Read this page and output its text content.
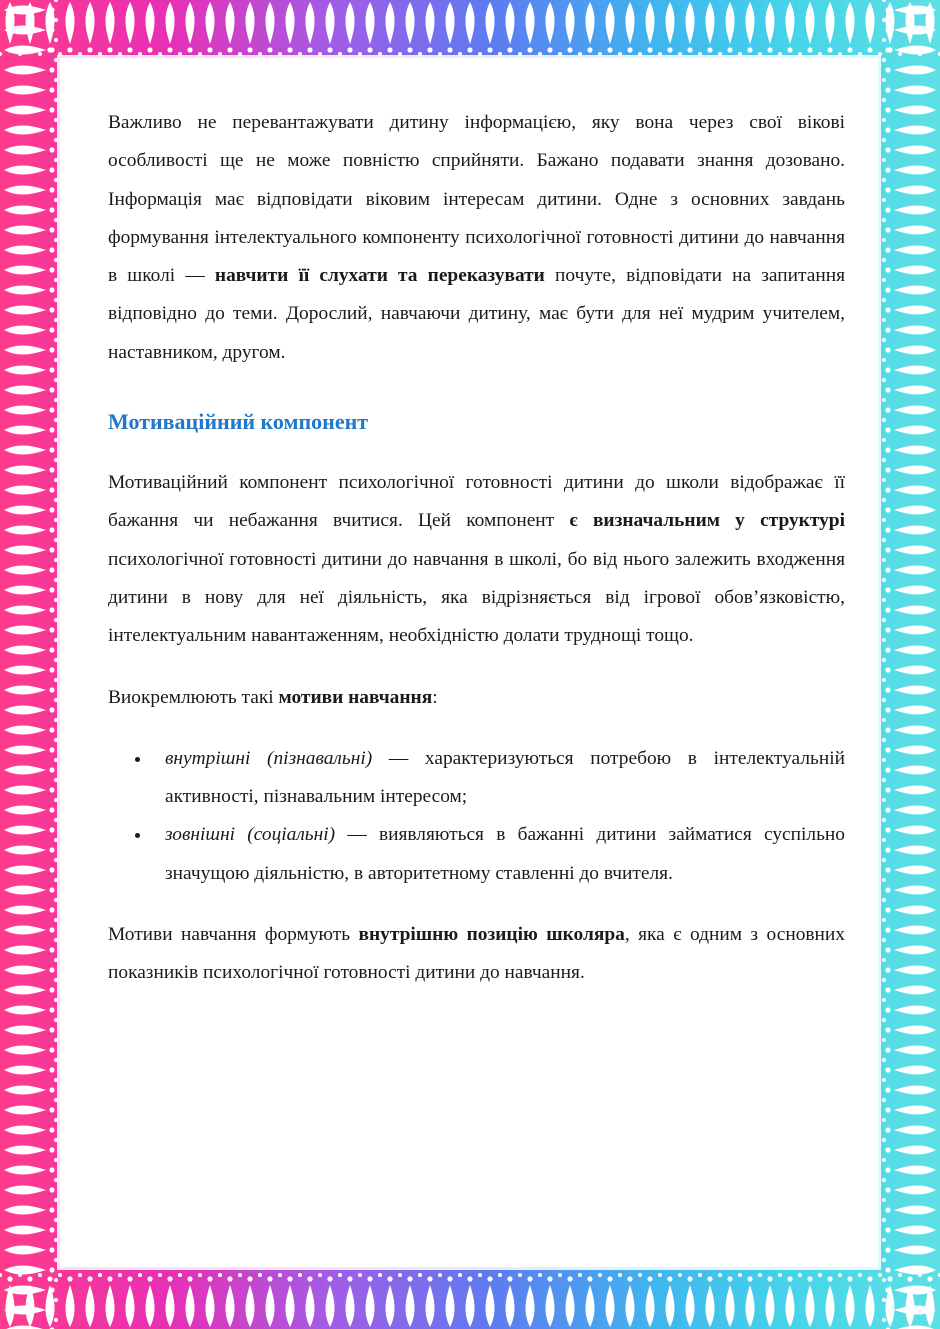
Важливо не перевантажувати дитину інформацією, яку вона через свої вікові особливості ще не може повністю сприйняти. Бажано подавати знання дозовано. Інформація має відповідати віковим інтересам дитини. Одне з основних завдань формування інтелектуального компоненту психологічної готовності дитини до навчання в школі — навчити її слухати та переказувати почуте, відповідати на запитання відповідно до теми. Дорослий, навчаючи дитину, має бути для неї мудрим учителем, наставником, другом.

Мотиваційний компонент

Мотиваційний компонент психологічної готовності дитини до школи відображає її бажання чи небажання вчитися. Цей компонент є визначальним у структурі психологічної готовності дитини до навчання в школі, бо від нього залежить входження дитини в нову для неї діяльність, яка відрізняється від ігрової обов’язковістю, інтелектуальним навантаженням, необхідністю долати труднощі тощо.

Виокремлюють такі мотиви навчання:

внутрішні (пізнавальні) — характеризуються потребою в інтелектуальній активності, пізнавальним інтересом;
зовнішні (соціальні) — виявляються в бажанні дитини займатися суспільно значущою діяльністю, в авторитетному ставленні до вчителя.

Мотиви навчання формують внутрішню позицію школяра, яка є одним з основних показників психологічної готовності дитини до навчання.
